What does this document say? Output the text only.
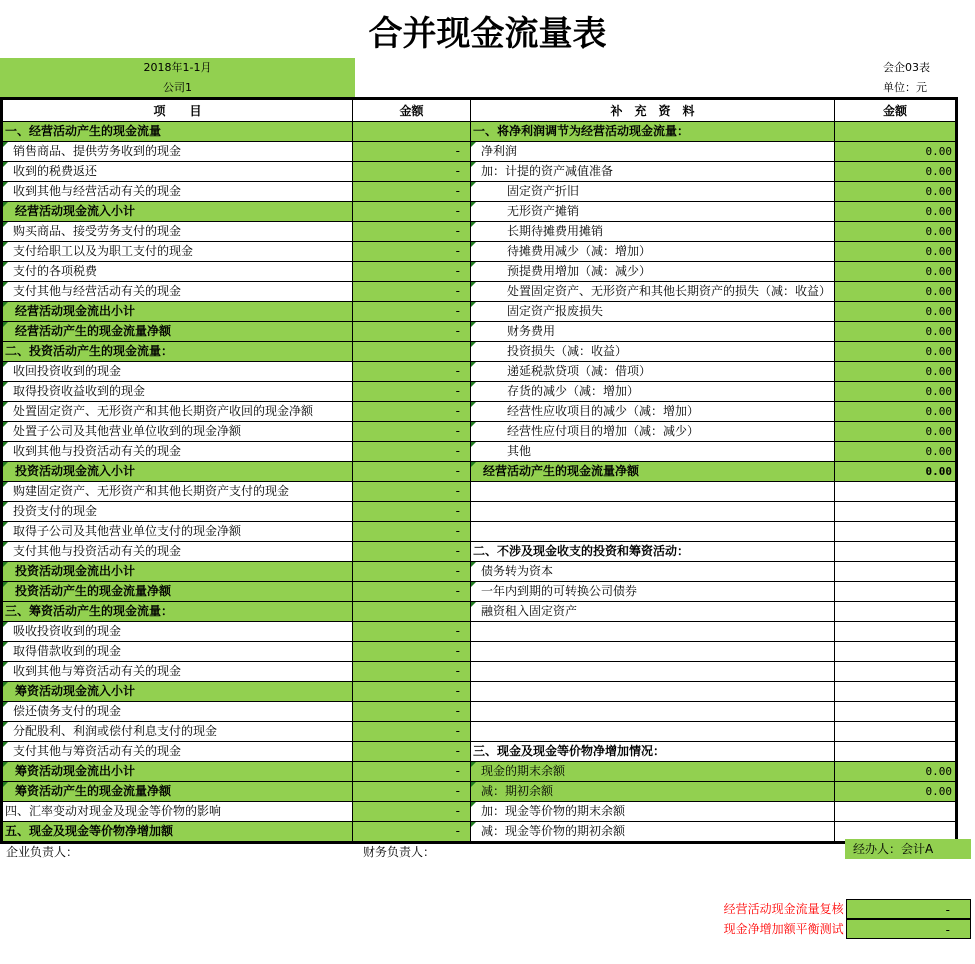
合并现金流量表
2018年1-1月
公司1
会企03表
单位：元
项　　目	金额	补　充　资　料	金额
一、经营活动产生的现金流量		一、将净利润调节为经营活动现金流量：	
销售商品、提供劳务收到的现金	-	净利润	0.00
收到的税费返还	-	加：计提的资产减值准备	0.00
收到其他与经营活动有关的现金	-	固定资产折旧	0.00
经营活动现金流入小计	-	无形资产摊销	0.00
购买商品、接受劳务支付的现金	-	长期待摊费用摊销	0.00
支付给职工以及为职工支付的现金	-	待摊费用减少（减：增加）	0.00
支付的各项税费	-	预提费用增加（减：减少）	0.00
支付其他与经营活动有关的现金	-	处置固定资产、无形资产和其他长期资产的损失（减：收益）	0.00
经营活动现金流出小计	-	固定资产报废损失	0.00
经营活动产生的现金流量净额	-	财务费用	0.00
二、投资活动产生的现金流量：		投资损失（减：收益）	0.00
收回投资收到的现金	-	递延税款贷项（减：借项）	0.00
取得投资收益收到的现金	-	存货的减少（减：增加）	0.00
处置固定资产、无形资产和其他长期资产收回的现金净额	-	经营性应收项目的减少（减：增加）	0.00
处置子公司及其他营业单位收到的现金净额	-	经营性应付项目的增加（减：减少）	0.00
收到其他与投资活动有关的现金	-	其他	0.00
投资活动现金流入小计	-	经营活动产生的现金流量净额	0.00
购建固定资产、无形资产和其他长期资产支付的现金	-		
投资支付的现金	-		
取得子公司及其他营业单位支付的现金净额	-		
支付其他与投资活动有关的现金	-	二、不涉及现金收支的投资和筹资活动：	
投资活动现金流出小计	-	债务转为资本	
投资活动产生的现金流量净额	-	一年内到期的可转换公司债券	
三、筹资活动产生的现金流量：		融资租入固定资产	
吸收投资收到的现金	-		
取得借款收到的现金	-		
收到其他与筹资活动有关的现金	-		
筹资活动现金流入小计	-		
偿还债务支付的现金	-		
分配股利、利润或偿付利息支付的现金	-		
支付其他与筹资活动有关的现金	-	三、现金及现金等价物净增加情况：	
筹资活动现金流出小计	-	现金的期末余额	0.00
筹资活动产生的现金流量净额	-	减：期初余额	0.00
四、汇率变动对现金及现金等价物的影响	-	加：现金等价物的期末余额	
五、现金及现金等价物净增加额	-	减：现金等价物的期初余额	
企业负责人：	财务负责人：	经办人：会计A
经营活动现金流量复核	-
现金净增加额平衡测试	-
